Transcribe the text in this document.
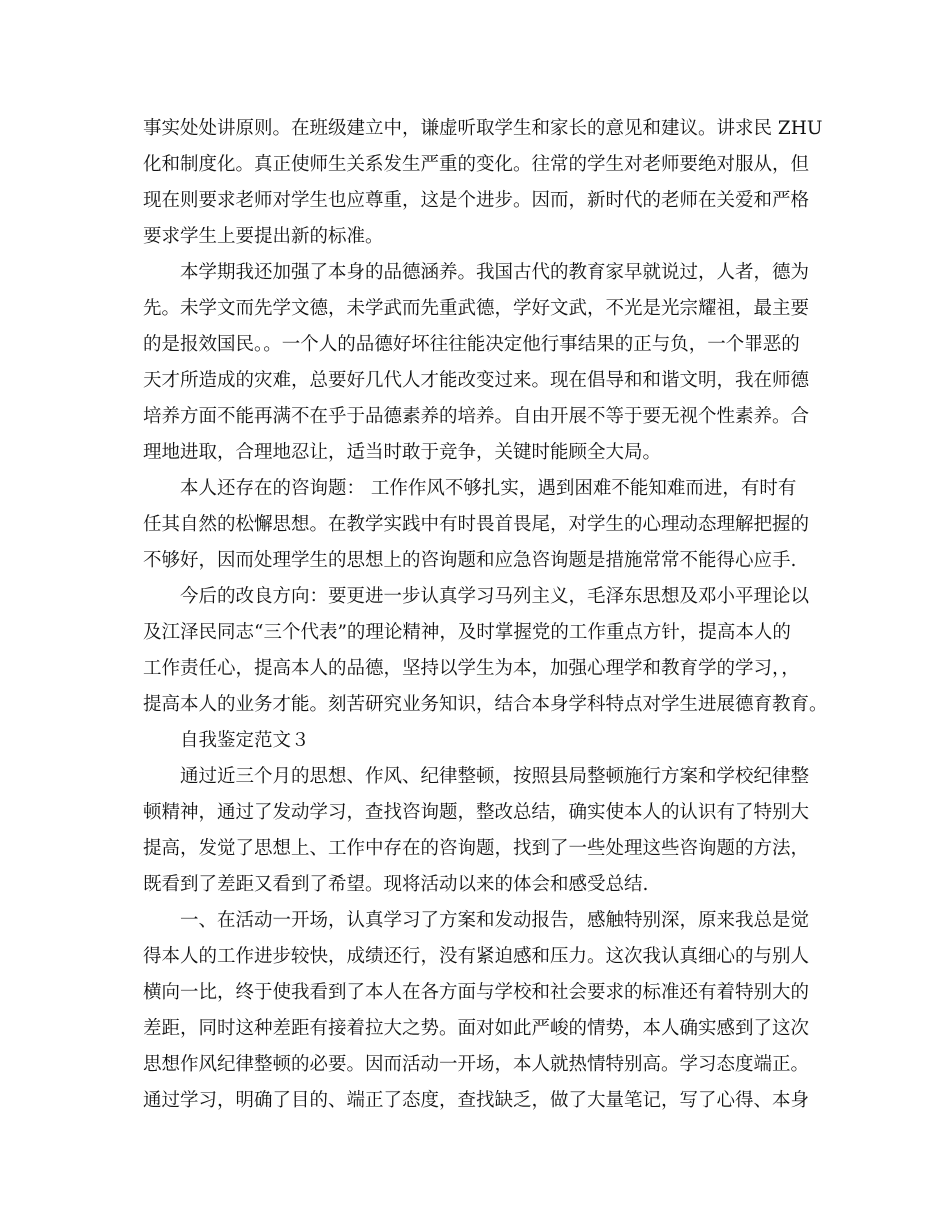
事实处处讲原则。在班级建立中，谦虚听取学生和家长的意见和建议。讲求民 ZHU
化和制度化。真正使师生关系发生严重的变化。往常的学生对老师要绝对服从，但
现在则要求老师对学生也应尊重，这是个进步。因而，新时代的老师在关爱和严格
要求学生上要提出新的标准。
本学期我还加强了本身的品德涵养。我国古代的教育家早就说过，人者，德为
先。未学文而先学文德，未学武而先重武德，学好文武，不光是光宗耀祖，最主要
的是报效国民。。一个人的品德好坏往往能决定他行事结果的正与负，一个罪恶的
天才所造成的灾难，总要好几代人才能改变过来。现在倡导和和谐文明，我在师德
培养方面不能再满不在乎于品德素养的培养。自由开展不等于要无视个性素养。合
理地进取，合理地忍让，适当时敢于竞争，关键时能顾全大局。
本人还存在的咨询题： 工作作风不够扎实，遇到困难不能知难而进，有时有
任其自然的松懈思想。在教学实践中有时畏首畏尾，对学生的心理动态理解把握的
不够好，因而处理学生的思想上的咨询题和应急咨询题是措施常常不能得心应手.
今后的改良方向：要更进一步认真学习马列主义，毛泽东思想及邓小平理论以
及江泽民同志“三个代表”的理论精神，及时掌握党的工作重点方针，提高本人的
工作责任心，提高本人的品德，坚持以学生为本，加强心理学和教育学的学习，，
提高本人的业务才能。刻苦研究业务知识，结合本身学科特点对学生进展德育教育。
自我鉴定范文３
通过近三个月的思想、作风、纪律整顿，按照县局整顿施行方案和学校纪律整
顿精神，通过了发动学习，查找咨询题，整改总结，确实使本人的认识有了特别大
提高，发觉了思想上、工作中存在的咨询题，找到了一些处理这些咨询题的方法，
既看到了差距又看到了希望。现将活动以来的体会和感受总结.
一、在活动一开场，认真学习了方案和发动报告，感触特别深，原来我总是觉
得本人的工作进步较快，成绩还行，没有紧迫感和压力。这次我认真细心的与别人
横向一比，终于使我看到了本人在各方面与学校和社会要求的标准还有着特别大的
差距，同时这种差距有接着拉大之势。面对如此严峻的情势，本人确实感到了这次
思想作风纪律整顿的必要。因而活动一开场，本人就热情特别高。学习态度端正。
通过学习，明确了目的、端正了态度，查找缺乏，做了大量笔记，写了心得、本身
